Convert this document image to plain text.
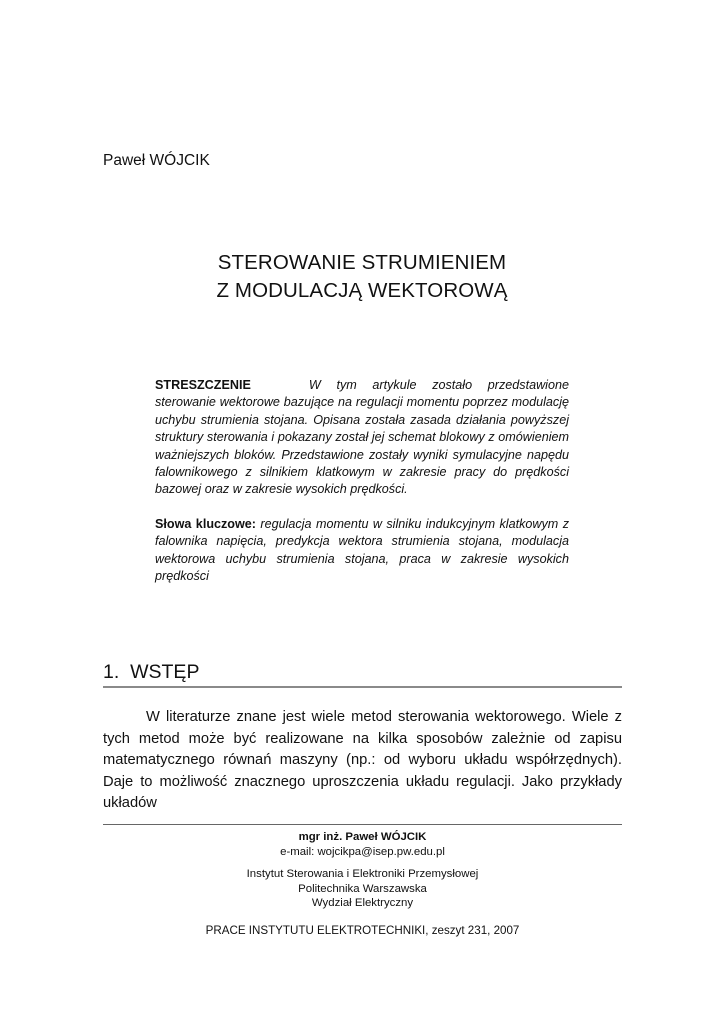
Paweł WÓJCIK
STEROWANIE STRUMIENIEM
Z MODULACJĄ WEKTOROWĄ

STRESZCZENIE	W tym artykule zostało przedstawione sterowanie wektorowe bazujące na regulacji momentu poprzez modulację uchybu strumienia stojana. Opisana została zasada działania powyższej struktury sterowania i pokazany został jej schemat blokowy z omówieniem ważniejszych bloków. Przedstawione zostały wyniki symulacyjne napędu falownikowego z silnikiem klatkowym w zakresie pracy do prędkości bazowej oraz w zakresie wysokich prędkości.

Słowa kluczowe: regulacja momentu w silniku indukcyjnym klatkowym z falownika napięcia, predykcja wektora strumienia stojana, modulacja wektorowa uchybu strumienia stojana, praca w zakresie wysokich prędkości

1. WSTĘP

W literaturze znane jest wiele metod sterowania wektorowego. Wiele z tych metod może być realizowane na kilka sposobów zależnie od zapisu matematycznego równań maszyny (np.: od wyboru układu współrzędnych). Daje to możliwość znacznego uproszczenia układu regulacji. Jako przykłady układów

mgr inż. Paweł WÓJCIK
e-mail: wojcikpa@isep.pw.edu.pl
Instytut Sterowania i Elektroniki Przemysłowej
Politechnika Warszawska
Wydział Elektryczny
PRACE INSTYTUTU ELEKTROTECHNIKI, zeszyt 231, 2007
